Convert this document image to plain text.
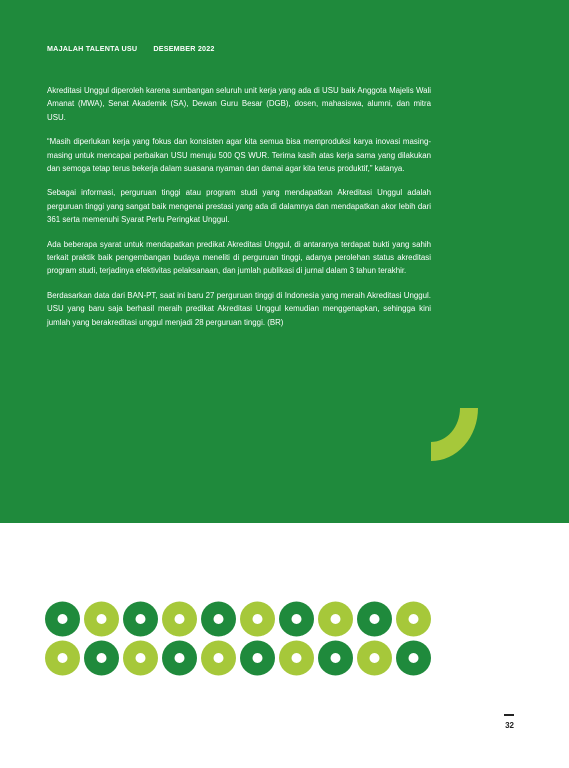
MAJALAH TALENTA USU DESEMBER 2022

Akreditasi Unggul diperoleh karena sumbangan seluruh unit kerja yang ada di USU baik Anggota Majelis Wali Amanat (MWA), Senat Akademik (SA), Dewan Guru Besar (DGB), dosen, mahasiswa, alumni, dan mitra USU.

“Masih diperlukan kerja yang fokus dan konsisten agar kita semua bisa memproduksi karya inovasi masing-masing untuk mencapai perbaikan USU menuju 500 QS WUR. Terima kasih atas kerja sama yang dilakukan dan semoga tetap terus bekerja dalam suasana nyaman dan damai agar kita terus produktif,” katanya.

Sebagai informasi, perguruan tinggi atau program studi yang mendapatkan Akreditasi Unggul adalah perguruan tinggi yang sangat baik mengenai prestasi yang ada di dalamnya dan mendapatkan akor lebih dari 361 serta memenuhi Syarat Perlu Peringkat Unggul.

Ada beberapa syarat untuk mendapatkan predikat Akreditasi Unggul, di antaranya terdapat bukti yang sahih terkait praktik baik pengembangan budaya meneliti di perguruan tinggi, adanya perolehan status akreditasi program studi, terjadinya efektivitas pelaksanaan, dan jumlah publikasi di jurnal dalam 3 tahun terakhir.

Berdasarkan data dari BAN-PT, saat ini baru 27 perguruan tinggi di Indonesia yang meraih Akreditasi Unggul. USU yang baru saja berhasil meraih predikat Akreditasi Unggul kemudian menggenapkan, sehingga kini jumlah yang berakreditasi unggul menjadi 28 perguruan tinggi. (BR)

32
